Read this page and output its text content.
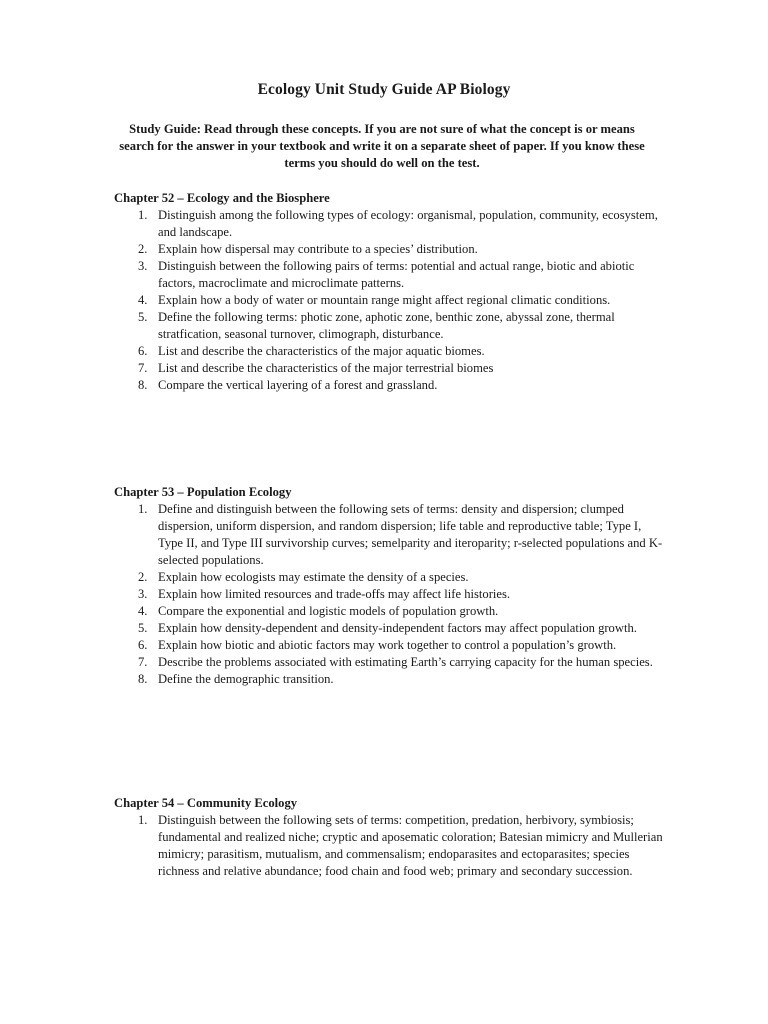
Ecology Unit Study Guide AP Biology
Study Guide: Read through these concepts. If you are not sure of what the concept is or means search for the answer in your textbook and write it on a separate sheet of paper. If you know these terms you should do well on the test.
Chapter 52 – Ecology and the Biosphere
1. Distinguish among the following types of ecology: organismal, population, community, ecosystem, and landscape.
2. Explain how dispersal may contribute to a species’ distribution.
3. Distinguish between the following pairs of terms: potential and actual range, biotic and abiotic factors, macroclimate and microclimate patterns.
4. Explain how a body of water or mountain range might affect regional climatic conditions.
5. Define the following terms: photic zone, aphotic zone, benthic zone, abyssal zone, thermal stratfication, seasonal turnover, climograph, disturbance.
6. List and describe the characteristics of the major aquatic biomes.
7. List and describe the characteristics of the major terrestrial biomes
8. Compare the vertical layering of a forest and grassland.
Chapter 53 – Population Ecology
1. Define and distinguish between the following sets of terms: density and dispersion; clumped dispersion, uniform dispersion, and random dispersion; life table and reproductive table; Type I, Type II, and Type III survivorship curves; semelparity and iteroparity; r-selected populations and K-selected populations.
2. Explain how ecologists may estimate the density of a species.
3. Explain how limited resources and trade-offs may affect life histories.
4. Compare the exponential and logistic models of population growth.
5. Explain how density-dependent and density-independent factors may affect population growth.
6. Explain how biotic and abiotic factors may work together to control a population’s growth.
7. Describe the problems associated with estimating Earth’s carrying capacity for the human species.
8. Define the demographic transition.
Chapter 54 – Community Ecology
1. Distinguish between the following sets of terms: competition, predation, herbivory, symbiosis; fundamental and realized niche; cryptic and aposematic coloration; Batesian mimicry and Mullerian mimicry; parasitism, mutualism, and commensalism; endoparasites and ectoparasites; species richness and relative abundance; food chain and food web; primary and secondary succession.
